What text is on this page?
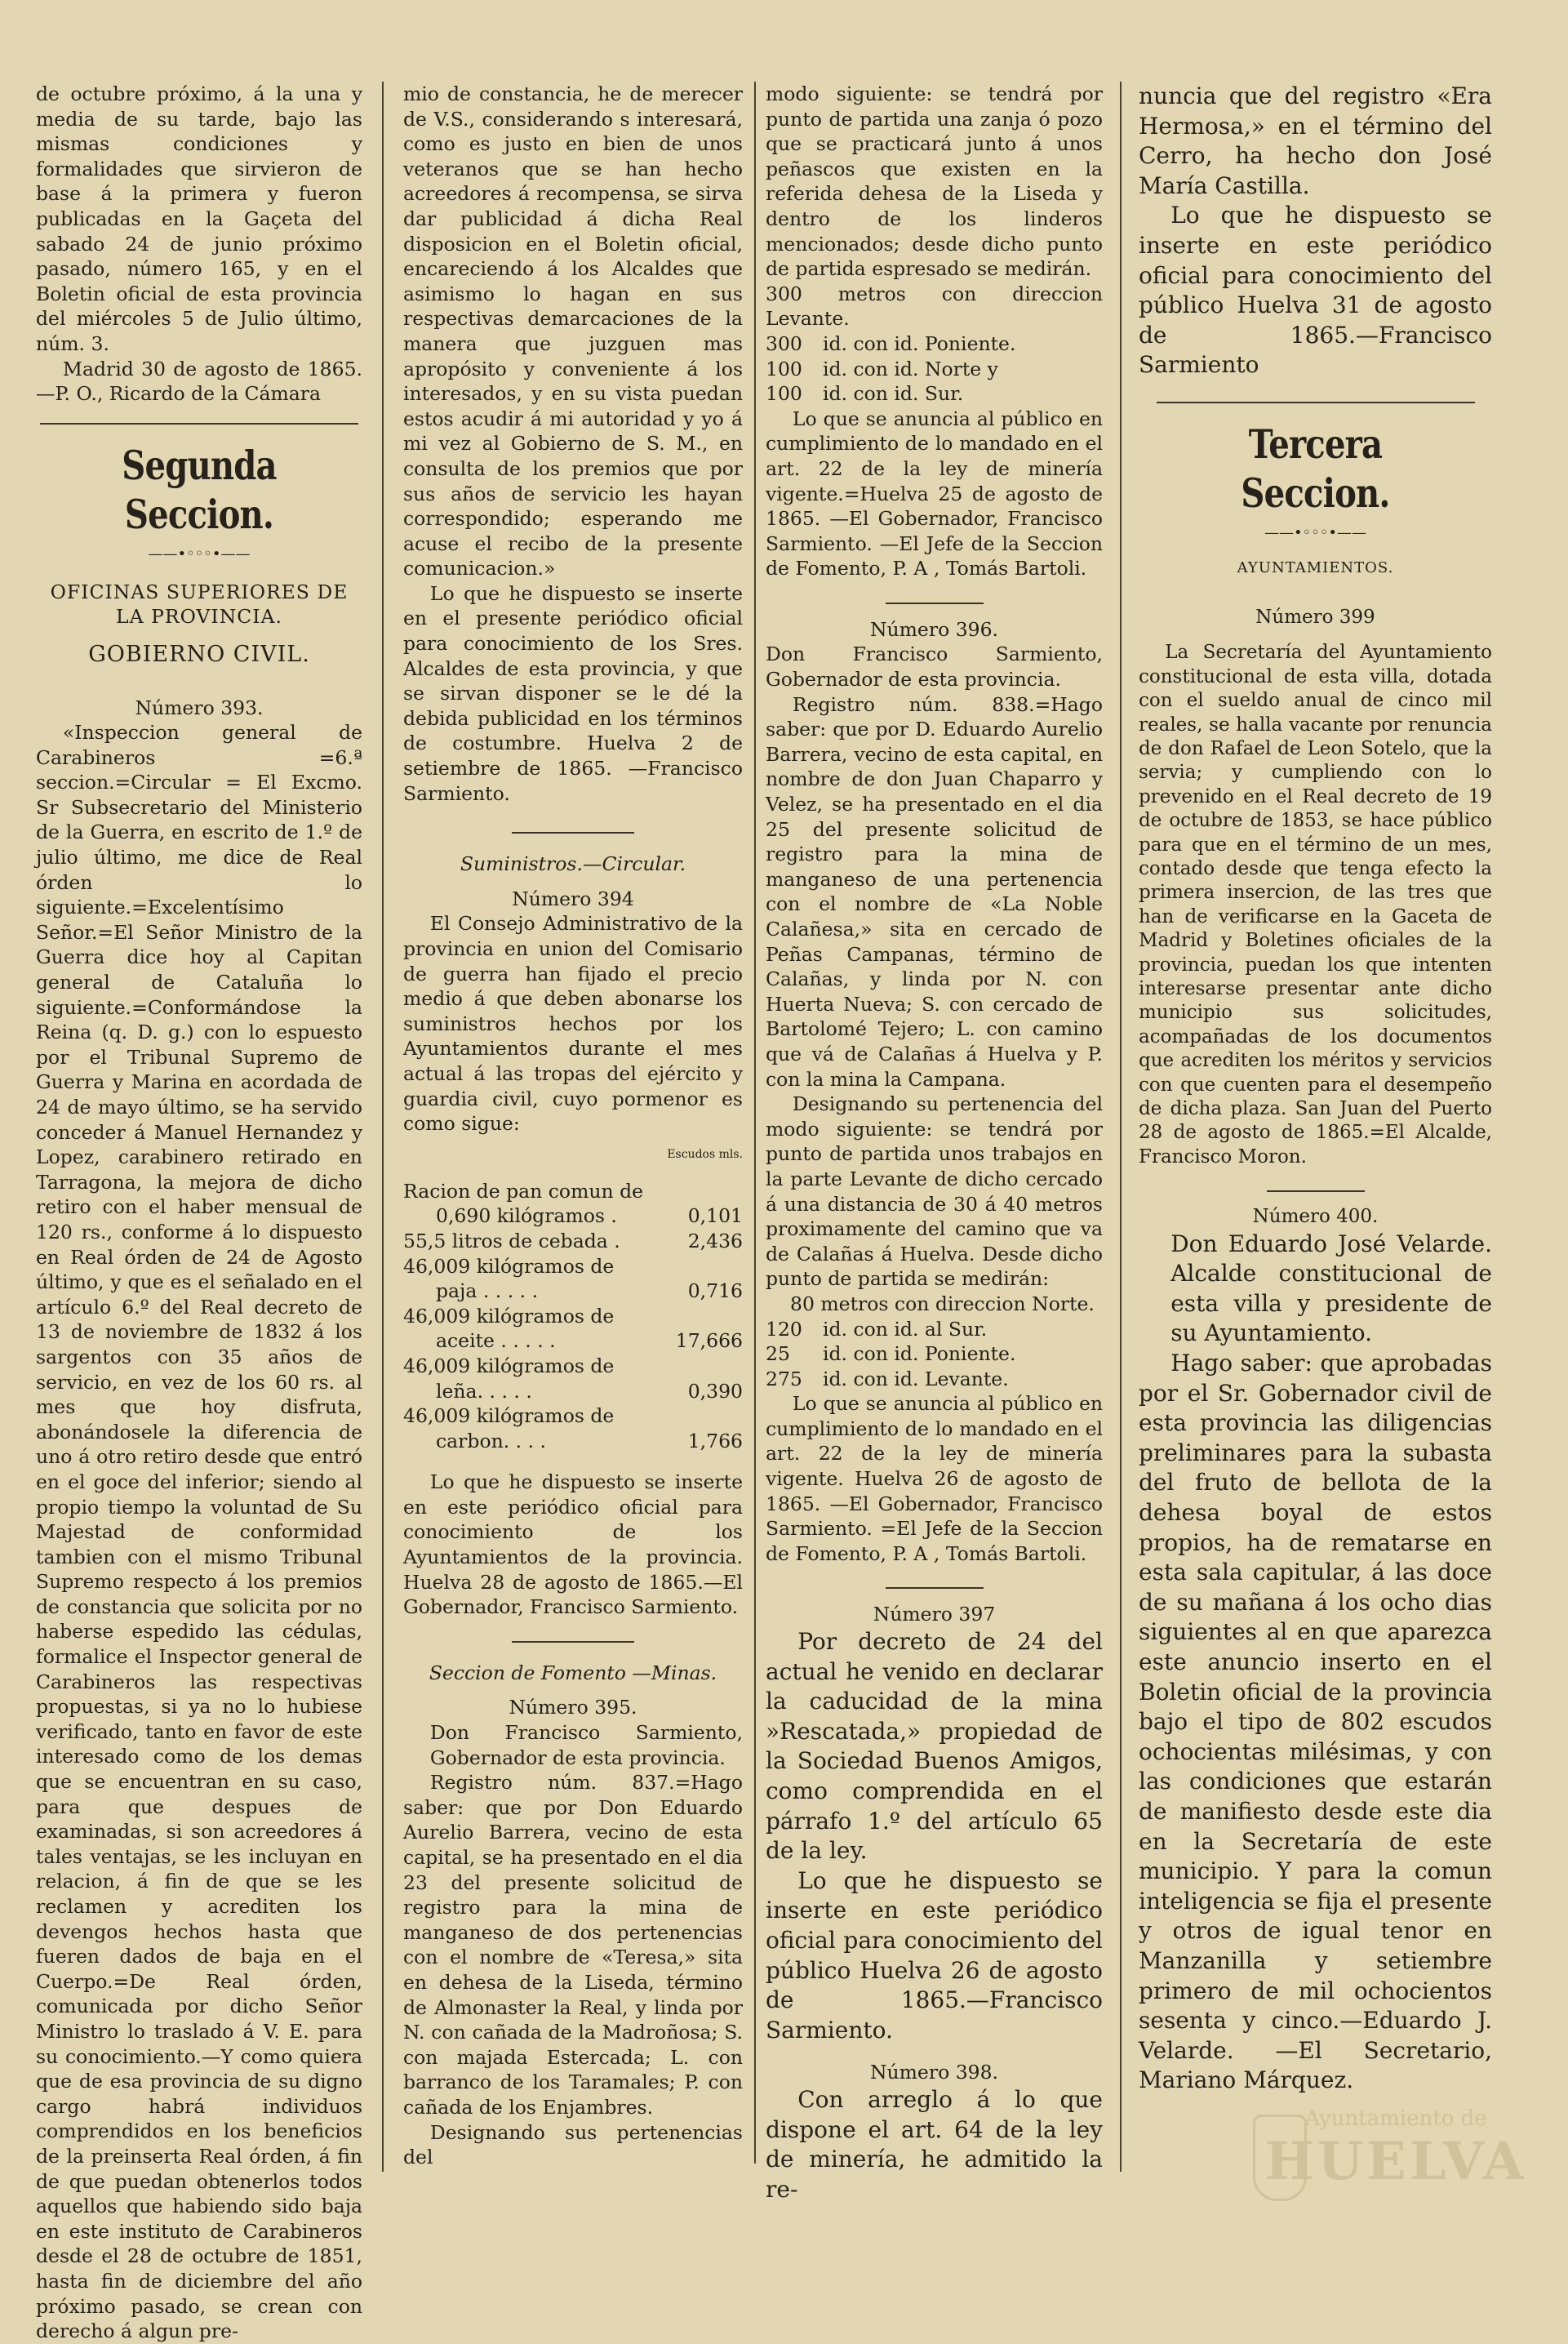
de octubre próximo, á la una y media de su tarde, bajo las mismas condiciones y formalidades que sirvieron de base á la primera y fueron publicadas en la Gaçeta del sabado 24 de junio próximo pasado, número 165, y en el Boletin oficial de esta provincia del miércoles 5 de Julio último, núm. 3.

Madrid 30 de agosto de 1865. —P. O., Ricardo de la Cámara

Segunda Seccion.

——•◦◦◦•——

OFICINAS SUPERIORES DE LA PROVINCIA.

GOBIERNO CIVIL.

Número 393.

«Inspeccion general de Carabineros =6.ª seccion.=Circular = El Excmo. Sr Subsecretario del Ministerio de la Guerra, en escrito de 1.º de julio último, me dice de Real órden lo siguiente.=Excelentísimo Señor.=El Señor Ministro de la Guerra dice hoy al Capitan general de Cataluña lo siguiente.=Conformándose la Reina (q. D. g.) con lo espuesto por el Tribunal Supremo de Guerra y Marina en acordada de 24 de mayo último, se ha servido conceder á Manuel Hernandez y Lopez, carabinero retirado en Tarragona, la mejora de dicho retiro con el haber mensual de 120 rs., conforme á lo dispuesto en Real órden de 24 de Agosto último, y que es el señalado en el artículo 6.º del Real decreto de 13 de noviembre de 1832 á los sargentos con 35 años de servicio, en vez de los 60 rs. al mes que hoy disfruta, abonándosele la diferencia de uno á otro retiro desde que entró en el goce del inferior; siendo al propio tiempo la voluntad de Su Majestad de conformidad tambien con el mismo Tribunal Supremo respecto á los premios de constancia que solicita por no haberse espedido las cédulas, formalice el Inspector general de Carabineros las respectivas propuestas, si ya no lo hubiese verificado, tanto en favor de este interesado como de los demas que se encuentran en su caso, para que despues de examinadas, si son acreedores á tales ventajas, se les incluyan en relacion, á fin de que se les reclamen y acrediten los devengos hechos hasta que fueren dados de baja en el Cuerpo.=De Real órden, comunicada por dicho Señor Ministro lo traslado á V. E. para su conocimiento.—Y como quiera que de esa provincia de su digno cargo habrá individuos comprendidos en los beneficios de la preinserta Real órden, á fin de que puedan obtenerlos todos aquellos que habiendo sido baja en este instituto de Carabineros desde el 28 de octubre de 1851, hasta fin de diciembre del año próximo pasado, se crean con derecho á algun pre-

mio de constancia, he de merecer de V.S., considerando s interesará, como es justo en bien de unos veteranos que se han hecho acreedores á recompensa, se sirva dar publicidad á dicha Real disposicion en el Boletin oficial, encareciendo á los Alcaldes que asimismo lo hagan en sus respectivas demarcaciones de la manera que juzguen mas apropósito y conveniente á los interesados, y en su vista puedan estos acudir á mi autoridad y yo á mi vez al Gobierno de S. M., en consulta de los premios que por sus años de servicio les hayan correspondido; esperando me acuse el recibo de la presente comunicacion.»

Lo que he dispuesto se inserte en el presente periódico oficial para conocimiento de los Sres. Alcaldes de esta provincia, y que se sirvan disponer se le dé la debida publicidad en los términos de costumbre. Huelva 2 de setiembre de 1865. —Francisco Sarmiento.

Suministros.—Circular.

Número 394

El Consejo Administrativo de la provincia en union del Comisario de guerra han fijado el precio medio á que deben abonarse los suministros hechos por los Ayuntamientos durante el mes actual á las tropas del ejército y guardia civil, cuyo pormenor es como sigue:

Escudos mls.

Racion de pan comun de
0,690 kilógramos .	0,101
55,5 litros de cebada .	2,436
46,009 kilógramos de
paja . . . . .	0,716
46,009 kilógramos de
aceite . . . . .	17,666
46,009 kilógramos de
leña. . . . .	0,390
46,009 kilógramos de
carbon. . . .	1,766

Lo que he dispuesto se inserte en este periódico oficial para conocimiento de los Ayuntamientos de la provincia. Huelva 28 de agosto de 1865.—El Gobernador, Francisco Sarmiento.

Seccion de Fomento —Minas.

Número 395.

Don Francisco Sarmiento, Gobernador de esta provincia.

Registro núm. 837.=Hago saber: que por Don Eduardo Aurelio Barrera, vecino de esta capital, se ha presentado en el dia 23 del presente solicitud de registro para la mina de manganeso de dos pertenencias con el nombre de «Teresa,» sita en dehesa de la Liseda, término de Almonaster la Real, y linda por N. con cañada de la Madroñosa; S. con majada Estercada; L. con barranco de los Taramales; P. con cañada de los Enjambres.

Designando sus pertenencias del

modo siguiente: se tendrá por punto de partida una zanja ó pozo que se practicará junto á unos peñascos que existen en la referida dehesa de la Liseda y dentro de los linderos mencionados; desde dicho punto de partida espresado se medirán.

300 metros con direccion Levante.
300	id. con id. Poniente.
100	id. con id. Norte y
100	id. con id. Sur.

Lo que se anuncia al público en cumplimiento de lo mandado en el art. 22 de la ley de minería vigente.=Huelva 25 de agosto de 1865. —El Gobernador, Francisco Sarmiento. —El Jefe de la Seccion de Fomento, P. A , Tomás Bartoli.

Número 396.

Don Francisco Sarmiento, Gobernador de esta provincia.

Registro núm. 838.=Hago saber: que por D. Eduardo Aurelio Barrera, vecino de esta capital, en nombre de don Juan Chaparro y Velez, se ha presentado en el dia 25 del presente solicitud de registro para la mina de manganeso de una pertenencia con el nombre de «La Noble Calañesa,» sita en cercado de Peñas Campanas, término de Calañas, y linda por N. con Huerta Nueva; S. con cercado de Bartolomé Tejero; L. con camino que vá de Calañas á Huelva y P. con la mina la Campana.

Designando su pertenencia del modo siguiente: se tendrá por punto de partida unos trabajos en la parte Levante de dicho cercado á una distancia de 30 á 40 metros proximamente del camino que va de Calañas á Huelva. Desde dicho punto de partida se medirán:

80 metros con direccion Norte.
120	id. con id. al Sur.
25	id. con id. Poniente.
275	id. con id. Levante.

Lo que se anuncia al público en cumplimiento de lo mandado en el art. 22 de la ley de minería vigente. Huelva 26 de agosto de 1865. —El Gobernador, Francisco Sarmiento. =El Jefe de la Seccion de Fomento, P. A , Tomás Bartoli.

Número 397

Por decreto de 24 del actual he venido en declarar la caducidad de la mina »Rescatada,» propiedad de la Sociedad Buenos Amigos, como comprendida en el párrafo 1.º del artículo 65 de la ley.

Lo que he dispuesto se inserte en este periódico oficial para conocimiento del público Huelva 26 de agosto de 1865.—Francisco Sarmiento.

Número 398.

Con arreglo á lo que dispone el art. 64 de la ley de minería, he admitido la re-

nuncia que del registro «Era Hermosa,» en el término del Cerro, ha hecho don José María Castilla.

Lo que he dispuesto se inserte en este periódico oficial para conocimiento del público Huelva 31 de agosto de 1865.—Francisco Sarmiento

Tercera Seccion.

——•◦◦◦•——

AYUNTAMIENTOS.

Número 399

La Secretaría del Ayuntamiento constitucional de esta villa, dotada con el sueldo anual de cinco mil reales, se halla vacante por renuncia de don Rafael de Leon Sotelo, que la servia; y cumpliendo con lo prevenido en el Real decreto de 19 de octubre de 1853, se hace público para que en el término de un mes, contado desde que tenga efecto la primera insercion, de las tres que han de verificarse en la Gaceta de Madrid y Boletines oficiales de la provincia, puedan los que intenten interesarse presentar ante dicho municipio sus solicitudes, acompañadas de los documentos que acrediten los méritos y servicios con que cuenten para el desempeño de dicha plaza. San Juan del Puerto 28 de agosto de 1865.=El Alcalde, Francisco Moron.

Número 400.

Don Eduardo José Velarde. Alcalde constitucional de esta villa y presidente de su Ayuntamiento.

Hago saber: que aprobadas por el Sr. Gobernador civil de esta provincia las diligencias preliminares para la subasta del fruto de bellota de la dehesa boyal de estos propios, ha de rematarse en esta sala capitular, á las doce de su mañana á los ocho dias siguientes al en que aparezca este anuncio inserto en el Boletin oficial de la provincia bajo el tipo de 802 escudos ochocientas milésimas, y con las condiciones que estarán de manifiesto desde este dia en la Secretaría de este municipio. Y para la comun inteligencia se fija el presente y otros de igual tenor en Manzanilla y setiembre primero de mil ochocientos sesenta y cinco.—Eduardo J. Velarde. —El Secretario, Mariano Márquez.

Ayuntamiento de
HUELVA
